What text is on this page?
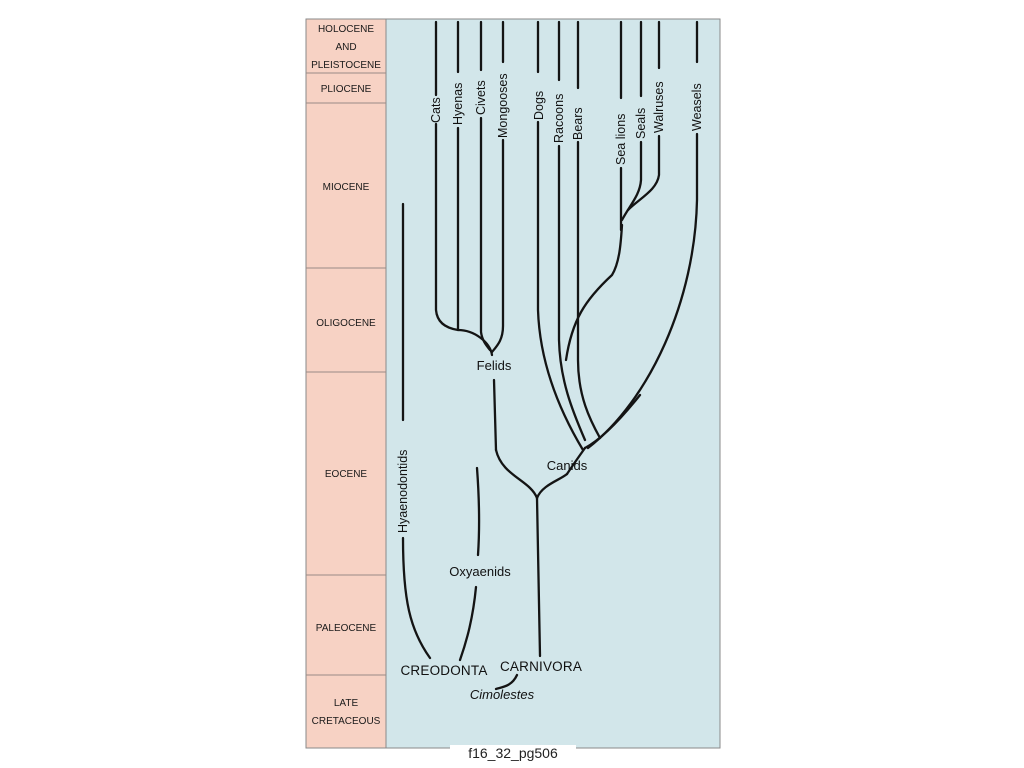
HOLOCENE
AND
PLEISTOCENE
PLIOCENE
MIOCENE
OLIGOCENE
EOCENE
PALEOCENE
LATE
CRETACEOUS
Cats Hyenas Civets Mongooses Dogs Racoons Bears Sea lions Seals Walruses Weasels
Hyaenodontids
Felids
Canids
Oxyaenids
CREODONTA CARNIVORA
Cimolestes
f16_32_pg506
